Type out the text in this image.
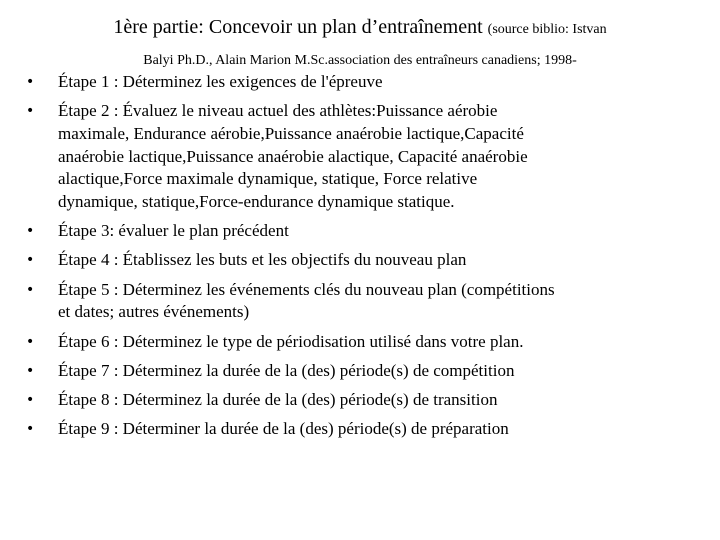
1ère partie: Concevoir un plan d’entraînement (source biblio: Istvan
Balyi Ph.D., Alain Marion M.Sc.association des entraîneurs canadiens; 1998-
•	Étape 1 : Déterminez les exigences de l'épreuve
•	Étape 2 : Évaluez le niveau actuel des athlètes:Puissance aérobie
maximale, Endurance aérobie,Puissance anaérobie lactique,Capacité
anaérobie lactique,Puissance anaérobie alactique, Capacité anaérobie
alactique,Force maximale dynamique, statique, Force relative
dynamique, statique,Force-endurance dynamique statique.
•	Étape 3: évaluer le plan précédent
•	Étape 4 : Établissez les buts et les objectifs du nouveau plan
•	Étape 5 : Déterminez les événements clés du nouveau plan (compétitions
et dates; autres événements)
•	Étape 6 : Déterminez le type de périodisation utilisé dans votre plan.
•	Étape 7 : Déterminez la durée de la (des) période(s) de compétition
•	Étape 8 : Déterminez la durée de la (des) période(s) de transition
•	Étape 9 : Déterminer la durée de la (des) période(s) de préparation
